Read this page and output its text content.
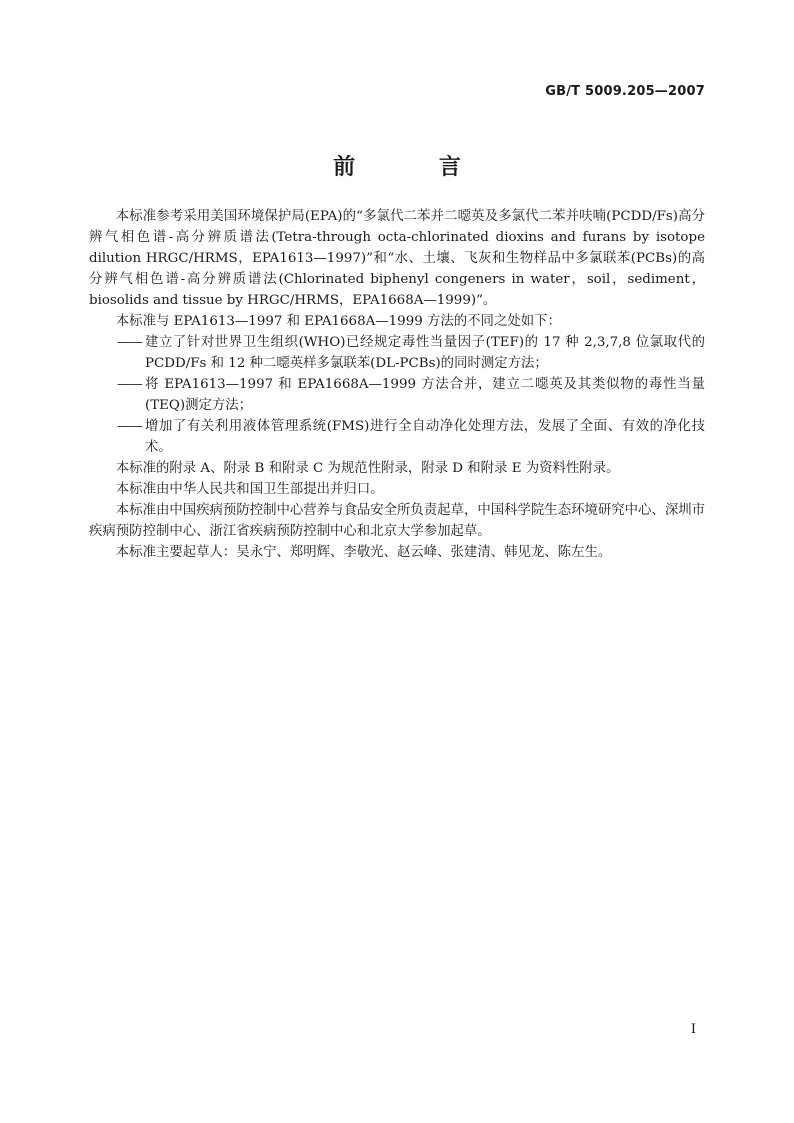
GB/T 5009.205—2007
前 言

本标准参考采用美国环境保护局(EPA)的“多氯代二苯并二噁英及多氯代二苯并呋喃(PCDD/Fs)高分辨气相色谱-高分辨质谱法(Tetra-through octa-chlorinated dioxins and furans by isotope dilution HRGC/HRMS，EPA1613—1997)”和“水、土壤、飞灰和生物样品中多氯联苯(PCBs)的高分辨气相色谱-高分辨质谱法(Chlorinated biphenyl congeners in water，soil，sediment，biosolids and tissue by HRGC/HRMS，EPA1668A—1999)”。

本标准与 EPA1613—1997 和 EPA1668A—1999 方法的不同之处如下：

—— 建立了针对世界卫生组织(WHO)已经规定毒性当量因子(TEF)的 17 种 2,3,7,8 位氯取代的 PCDD/Fs 和 12 种二噁英样多氯联苯(DL-PCBs)的同时测定方法；
—— 将 EPA1613—1997 和 EPA1668A—1999 方法合并，建立二噁英及其类似物的毒性当量(TEQ)测定方法；
—— 增加了有关利用液体管理系统(FMS)进行全自动净化处理方法，发展了全面、有效的净化技术。

本标准的附录 A、附录 B 和附录 C 为规范性附录，附录 D 和附录 E 为资料性附录。

本标准由中华人民共和国卫生部提出并归口。

本标准由中国疾病预防控制中心营养与食品安全所负责起草，中国科学院生态环境研究中心、深圳市疾病预防控制中心、浙江省疾病预防控制中心和北京大学参加起草。

本标准主要起草人：吴永宁、郑明辉、李敬光、赵云峰、张建清、韩见龙、陈左生。

I
